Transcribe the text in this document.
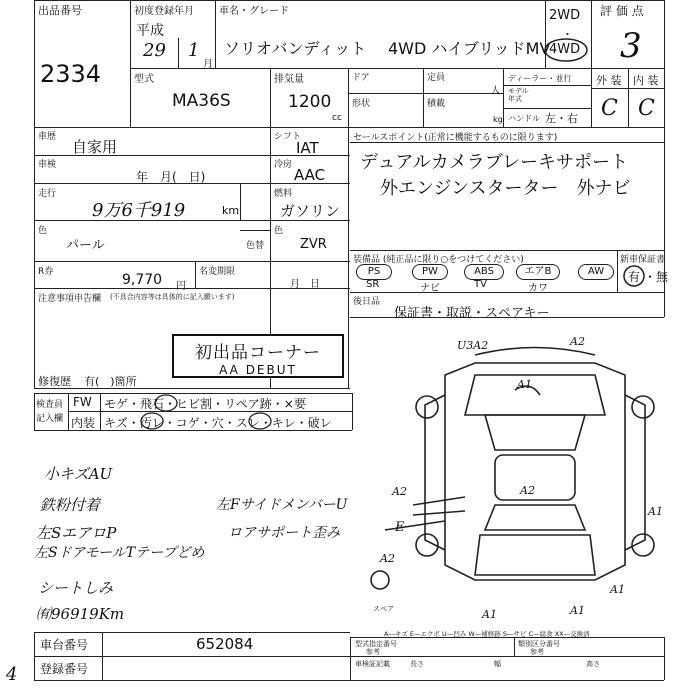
出品番号
2334
初度登録年月
平成
29 1
月
車名・グレード
ソリオバンディット 4WD ハイブリッドMV
2WD
・
4WD
評 価 点
3
外 装 内 装
C C
型式
MA36S
排気量
1200
cc
ドア	定員
人
ディーラー・並行
モデル
年式
形状	積載
kg ハンドル 左・右
車歴
自家用
シフト
IAT
車検
年　月(　日)
冷房
AAC
走行
9万6千919	km
燃料
ガソリン
色
パール	色替
色
ZVR
R券	9,770 円
名変期限
月　日
セールスポイント(正常に機能するものに限ります)
デュアルカメラブレーキサポート
外エンジンスターター　外ナビ
装備品 (純正品に限り○をつけてください)	新車保証書
有 ・無
PS	PW	ABS	エアB	AW
SR	ナビ	TV	カワ
後日品
保証書・取説・スペアキー
注意事項申告欄 (不具合内容等は具体的に記入願います)
初出品コーナー
AA DEBUT
修復歴 有(　)箇所
検査員
記入欄
FW モゲ・飛石・ヒビ割・リペア跡・×要
内装 キズ・汚レ・コゲ・穴・スレ・キレ・破レ
小キズAU
鉄粉付着
左SエアロP
左SドアモールTテープどめ
シートしみ
㈲96919Km
左FサイドメンバーU
ロアサポート歪み
U3A2	A2
A1
A2
A1
A1	A1
A2
A1
E
A2
スペア
A—キズ E—エクボ U—凹み W—補修跡 S—サビ C—腐食 XX—交換済
車台番号	652084
登録番号
型式指定番号
参考
類別区分番号
参考
車検証記載	長さ	幅	高さ
4
